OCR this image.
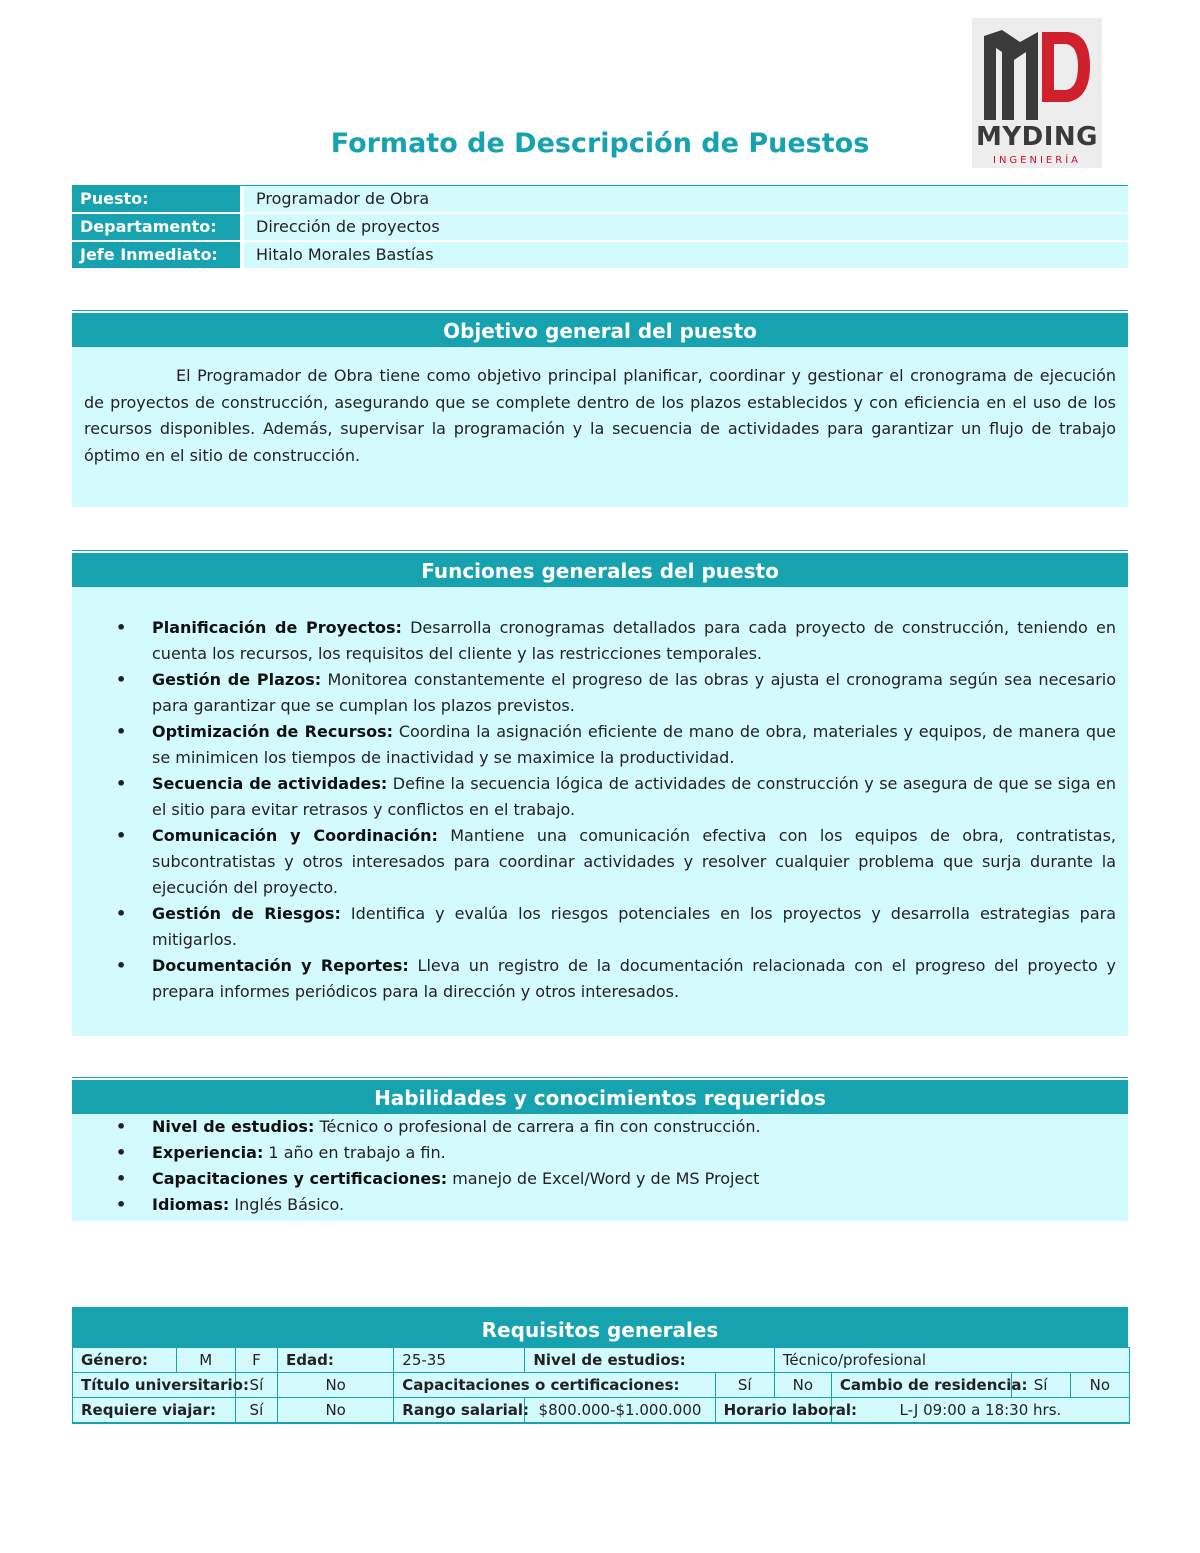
MYDING
INGENIERÍA
Formato de Descripción de Puestos
Puesto:	Programador de Obra
Departamento:	Dirección de proyectos
Jefe Inmediato:	Hitalo Morales Bastías
Objetivo general del puesto
El Programador de Obra tiene como objetivo principal planificar, coordinar y gestionar el cronograma de ejecución de proyectos de construcción, asegurando que se complete dentro de los plazos establecidos y con eficiencia en el uso de los recursos disponibles. Además, supervisar la programación y la secuencia de actividades para garantizar un flujo de trabajo óptimo en el sitio de construcción.
Funciones generales del puesto
• Planificación de Proyectos: Desarrolla cronogramas detallados para cada proyecto de construcción, teniendo en cuenta los recursos, los requisitos del cliente y las restricciones temporales.
• Gestión de Plazos: Monitorea constantemente el progreso de las obras y ajusta el cronograma según sea necesario para garantizar que se cumplan los plazos previstos.
• Optimización de Recursos: Coordina la asignación eficiente de mano de obra, materiales y equipos, de manera que se minimicen los tiempos de inactividad y se maximice la productividad.
• Secuencia de actividades: Define la secuencia lógica de actividades de construcción y se asegura de que se siga en el sitio para evitar retrasos y conflictos en el trabajo.
• Comunicación y Coordinación: Mantiene una comunicación efectiva con los equipos de obra, contratistas, subcontratistas y otros interesados para coordinar actividades y resolver cualquier problema que surja durante la ejecución del proyecto.
• Gestión de Riesgos: Identifica y evalúa los riesgos potenciales en los proyectos y desarrolla estrategias para mitigarlos.
• Documentación y Reportes: Lleva un registro de la documentación relacionada con el progreso del proyecto y prepara informes periódicos para la dirección y otros interesados.
Habilidades y conocimientos requeridos
• Nivel de estudios: Técnico o profesional de carrera a fin con construcción.
• Experiencia: 1 año en trabajo a fin.
• Capacitaciones y certificaciones: manejo de Excel/Word y de MS Project
• Idiomas: Inglés Básico.
Requisitos generales
Género:	M	F	Edad:	25-35	Nivel de estudios:		Técnico/profesional			
Título universitario:		Sí	No	Capacitaciones o certificaciones:		Sí	No	Cambio de residencia:	Sí	No
Requiere viajar:		Sí	No	Rango salarial:	$800.000-$1.000.000	Horario laboral:		L-J 09:00 a 18:30 hrs.		
